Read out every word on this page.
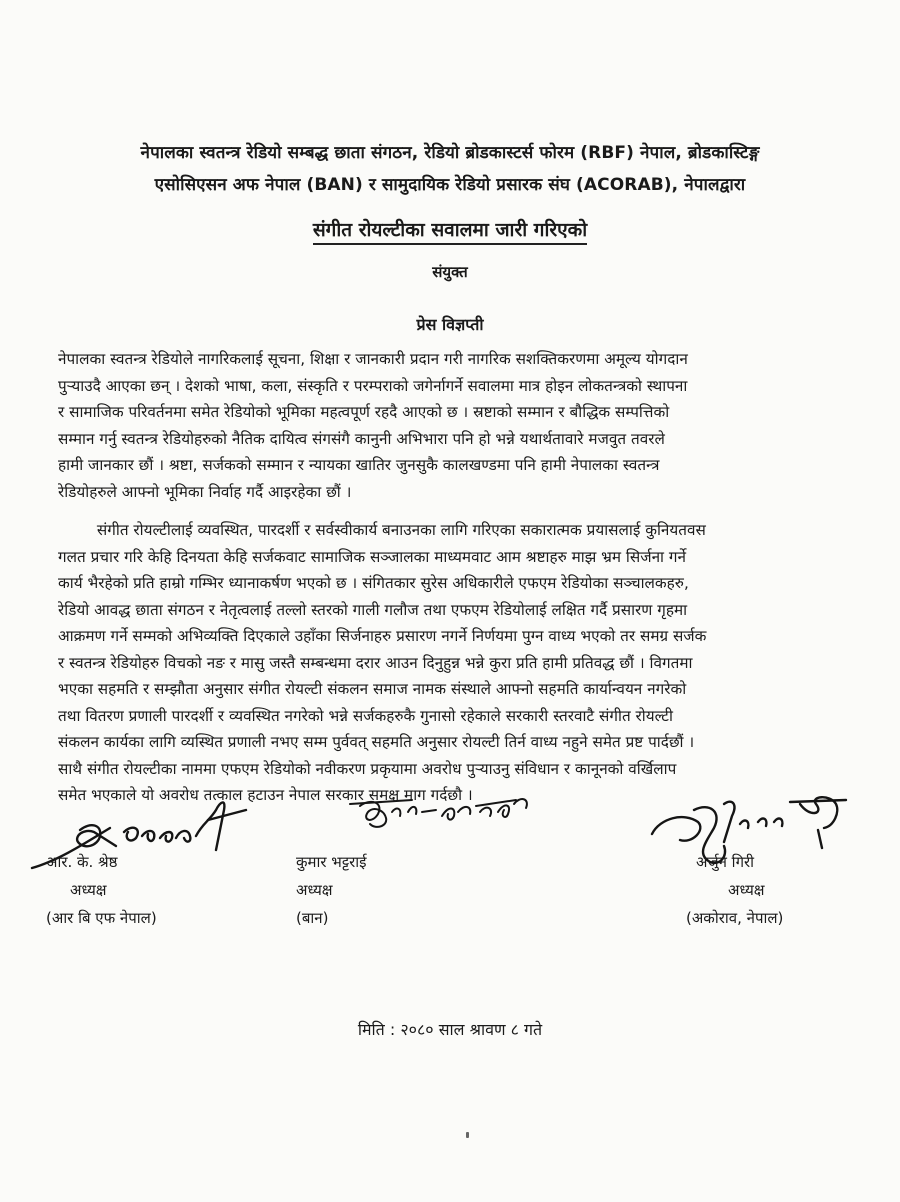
नेपालका स्वतन्त्र रेडियो सम्बद्ध छाता संगठन, रेडियो ब्रोडकास्टर्स फोरम (RBF) नेपाल, ब्रोडकास्टिङ्ग
एसोसिएसन अफ नेपाल (BAN) र सामुदायिक रेडियो प्रसारक संघ (ACORAB), नेपालद्वारा
संगीत रोयल्टीका सवालमा जारी गरिएको
संयुक्त
प्रेस विज्ञप्ती
नेपालका स्वतन्त्र रेडियोले नागरिकलाई सूचना, शिक्षा र जानकारी प्रदान गरी नागरिक सशक्तिकरणमा अमूल्य योगदान
पुऱ्याउदै आएका छन् । देशको भाषा, कला, संस्कृति र परम्पराको जगेर्नागर्ने सवालमा मात्र होइन लोकतन्त्रको स्थापना
र सामाजिक परिवर्तनमा समेत रेडियोको भूमिका महत्वपूर्ण रहदै आएको छ । स्रष्टाको सम्मान र बौद्धिक सम्पत्तिको
सम्मान गर्नु स्वतन्त्र रेडियोहरुको नैतिक दायित्व संगसंगै कानुनी अभिभारा पनि हो भन्ने यथार्थतावारे मजवुत तवरले
हामी जानकार छौं । श्रष्टा, सर्जकको सम्मान र न्यायका खातिर जुनसुकै कालखण्डमा पनि हामी नेपालका स्वतन्त्र
रेडियोहरुले आफ्नो भूमिका निर्वाह गर्दै आइरहेका छौं ।
संगीत रोयल्टीलाई व्यवस्थित, पारदर्शी र सर्वस्वीकार्य बनाउनका लागि गरिएका सकारात्मक प्रयासलाई कुनियतवस
गलत प्रचार गरि केहि दिनयता केहि सर्जकवाट सामाजिक सञ्जालका माध्यमवाट आम श्रष्टाहरु माझ भ्रम सिर्जना गर्ने
कार्य भैरहेको प्रति हाम्रो गम्भिर ध्यानाकर्षण भएको छ । संगितकार सुरेस अधिकारीले एफएम रेडियोका सञ्चालकहरु,
रेडियो आवद्ध छाता संगठन र नेतृत्वलाई तल्लो स्तरको गाली गलौज तथा एफएम रेडियोलाई लक्षित गर्दै प्रसारण गृहमा
आक्रमण गर्ने सम्मको अभिव्यक्ति दिएकाले उहाँका सिर्जनाहरु प्रसारण नगर्ने निर्णयमा पुग्न वाध्य भएको तर समग्र सर्जक
र स्वतन्त्र रेडियोहरु विचको नङ र मासु जस्तै सम्बन्धमा दरार आउन दिनुहुन्न भन्ने कुरा प्रति हामी प्रतिवद्ध छौं । विगतमा
भएका सहमति र सम्झौता अनुसार संगीत रोयल्टी संकलन समाज नामक संस्थाले आफ्नो सहमति कार्यान्वयन नगरेको
तथा वितरण प्रणाली पारदर्शी र व्यवस्थित नगरेको भन्ने सर्जकहरुकै गुनासो रहेकाले सरकारी स्तरवाटै संगीत रोयल्टी
संकलन कार्यका लागि व्यस्थित प्रणाली नभए सम्म पुर्ववत् सहमति अनुसार रोयल्टी तिर्न वाध्य नहुने समेत प्रष्ट पार्दछौं ।
साथै संगीत रोयल्टीका नाममा एफएम रेडियोको नवीकरण प्रकृयामा अवरोध पुऱ्याउनु संविधान र कानूनको वर्खिलाप
समेत भएकाले यो अवरोध तत्काल हटाउन नेपाल सरकार समक्ष माग गर्दछौ ।
आर. के. श्रेष्ठ
अध्यक्ष
(आर बि एफ नेपाल)
कुमार भट्टराई
अध्यक्ष
(बान)
अर्जुन गिरी
अध्यक्ष
(अकोराव, नेपाल)
मिति : २०८० साल श्रावण ८ गते
